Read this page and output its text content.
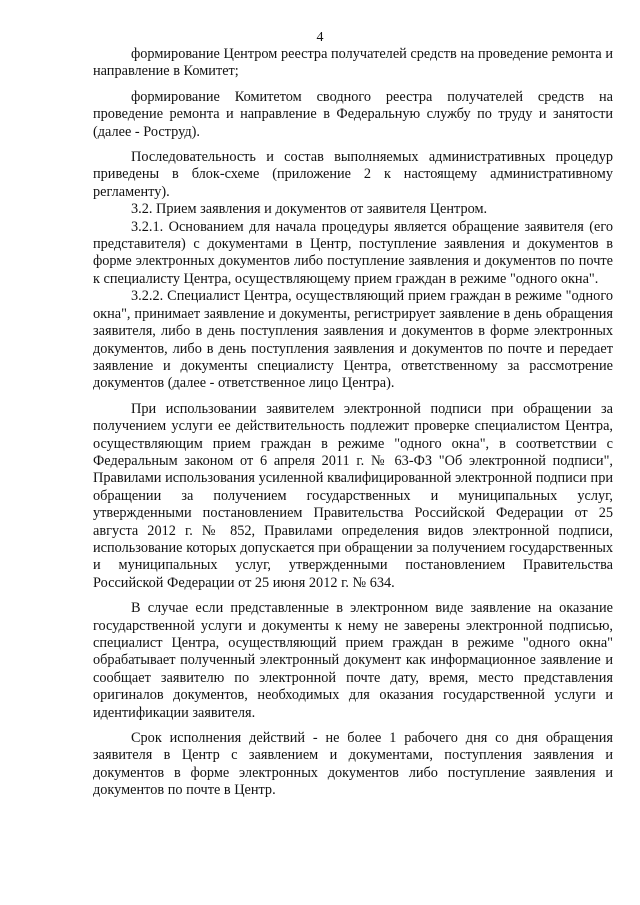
4

формирование Центром реестра получателей средств на проведение ремонта и направление в Комитет;

формирование Комитетом сводного реестра получателей средств на проведение ремонта и направление в Федеральную службу по труду и занятости (далее - Роструд).

Последовательность и состав выполняемых административных процедур приведены в блок-схеме (приложение 2 к настоящему административному регламенту).

3.2. Прием заявления и документов от заявителя Центром.

3.2.1. Основанием для начала процедуры является обращение заявителя (его представителя) с документами в Центр, поступление заявления и документов в форме электронных документов либо поступление заявления и документов по почте к специалисту Центра, осуществляющему прием граждан в режиме "одного окна".

3.2.2. Специалист Центра, осуществляющий прием граждан в режиме "одного окна", принимает заявление и документы, регистрирует заявление в день обращения заявителя, либо в день поступления заявления и документов в форме электронных документов, либо в день поступления заявления и документов по почте и передает заявление и документы специалисту Центра, ответственному за рассмотрение документов (далее - ответственное лицо Центра).

При использовании заявителем электронной подписи при обращении за получением услуги ее действительность подлежит проверке специалистом Центра, осуществляющим прием граждан в режиме "одного окна", в соответствии с Федеральным законом от 6 апреля 2011 г. № 63-ФЗ "Об электронной подписи", Правилами использования усиленной квалифицированной электронной подписи при обращении за получением государственных и муниципальных услуг, утвержденными постановлением Правительства Российской Федерации от 25 августа 2012 г. № 852, Правилами определения видов электронной подписи, использование которых допускается при обращении за получением государственных и муниципальных услуг, утвержденными постановлением Правительства Российской Федерации от 25 июня 2012 г. № 634.

В случае если представленные в электронном виде заявление на оказание государственной услуги и документы к нему не заверены электронной подписью, специалист Центра, осуществляющий прием граждан в режиме "одного окна" обрабатывает полученный электронный документ как информационное заявление и сообщает заявителю по электронной почте дату, время, место представления оригиналов документов, необходимых для оказания государственной услуги и идентификации заявителя.

Срок исполнения действий - не более 1 рабочего дня со дня обращения заявителя в Центр с заявлением и документами, поступления заявления и документов в форме электронных документов либо поступление заявления и документов по почте в Центр.
